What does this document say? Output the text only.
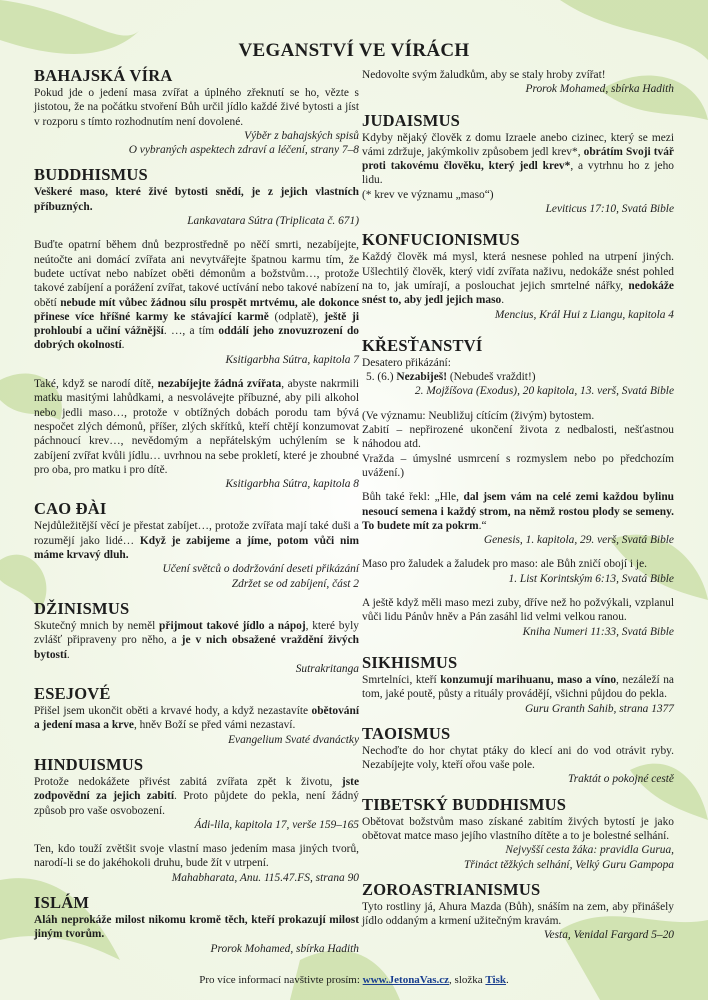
VEGANSTVÍ VE VÍRÁCH
BAHAJSKÁ VÍRA

Pokud jde o jedení masa zvířat a úplného zřeknutí se ho, vězte s jistotou, že na počátku stvoření Bůh určil jídlo každé živé bytosti a jíst v rozporu s tímto rozhodnutím není dovolené.

Výběr z bahajských spisů

O vybraných aspektech zdraví a léčení, strany 7–8

BUDDHISMUS

Veškeré maso, které živé bytosti snědí, je z jejich vlastních příbuzných.

Lankavatara Sútra (Triplicata č. 671)

Buďte opatrní během dnů bezprostředně po něčí smrti, nezabíjejte, neútočte ani domácí zvířata ani nevytvářejte špatnou karmu tím, že budete uctívat nebo nabízet oběti démonům a božstvům…, protože takové zabíjení a porážení zvířat, takové uctívání nebo takové nabízení obětí nebude mít vůbec žádnou sílu prospět mrtvému, ale dokonce přinese více hříšné karmy ke stávající karmě (odplatě), ještě ji prohloubí a učiní vážnější. …, a tím oddálí jeho znovuzrození do dobrých okolností.

Ksitigarbha Sútra, kapitola 7

Také, když se narodí dítě, nezabíjejte žádná zvířata, abyste nakrmili matku masitými lahůdkami, a nesvolávejte příbuzné, aby pili alkohol nebo jedli maso…, protože v obtížných dobách porodu tam bývá nespočet zlých démonů, příšer, zlých skřítků, kteří chtějí konzumovat páchnoucí krev…, nevědomým a nepřátelským uchýlením se k zabíjení zvířat kvůli jídlu… uvrhnou na sebe prokletí, které je zhoubné pro oba, pro matku i pro dítě.

Ksitigarbha Sútra, kapitola 8

CAO ĐÀI

Nejdůležitější věcí je přestat zabíjet…, protože zvířata mají také duši a rozumějí jako lidé… Když je zabijeme a jíme, potom vůči nim máme krvavý dluh.

Učení světců o dodržování deseti přikázání

Zdržet se od zabíjení, část 2

DŽINISMUS

Skutečný mnich by neměl přijmout takové jídlo a nápoj, které byly zvlášť připraveny pro něho, a je v nich obsažené vraždění živých bytostí.

Sutrakritanga

ESEJOVÉ

Přišel jsem ukončit oběti a krvavé hody, a když nezastavíte obětování a jedení masa a krve, hněv Boží se před vámi nezastaví.

Evangelium Svaté dvanáctky

HINDUISMUS

Protože nedokážete přivést zabitá zvířata zpět k životu, jste zodpovědní za jejich zabití. Proto půjdete do pekla, není žádný způsob pro vaše osvobození.

Ádi-lila, kapitola 17, verše 159–165

Ten, kdo touží zvětšit svoje vlastní maso jedením masa jiných tvorů, narodí-li se do jakéhokoli druhu, bude žít v utrpení.

Mahabharata, Anu. 115.47.FS, strana 90

ISLÁM

Aláh neprokáže milost nikomu kromě těch, kteří prokazují milost jiným tvorům.

Prorok Mohamed, sbírka Hadith

Nedovolte svým žaludkům, aby se staly hroby zvířat!

Prorok Mohamed, sbírka Hadith

JUDAISMUS

Kdyby nějaký člověk z domu Izraele anebo cizinec, který se mezi vámi zdržuje, jakýmkoliv způsobem jedl krev*, obrátím Svoji tvář proti takovému člověku, který jedl krev*, a vytrhnu ho z jeho lidu.

(* krev ve významu „maso“)

Leviticus 17:10, Svatá Bible

KONFUCIONISMUS

Každý člověk má mysl, která nesnese pohled na utrpení jiných. Ušlechtilý člověk, který vidí zvířata naživu, nedokáže snést pohled na to, jak umírají, a poslouchat jejich smrtelné nářky, nedokáže snést to, aby jedl jejich maso.

Mencius, Král Hui z Liangu, kapitola 4

KŘESŤANSTVÍ

Desatero přikázání:

5. (6.) Nezabiješ! (Nebudeš vraždit!)

2. Mojžíšova (Exodus), 20 kapitola, 13. verš, Svatá Bible

(Ve významu: Neubližuj cítícím (živým) bytostem.

Zabití – nepřirozené ukončení života z nedbalosti, nešťastnou náhodou atd.

Vražda – úmyslné usmrcení s rozmyslem nebo po předchozím uvážení.)

Bůh také řekl: „Hle, dal jsem vám na celé zemi každou bylinu nesoucí semena i každý strom, na němž rostou plody se semeny. To budete mít za pokrm.“

Genesis, 1. kapitola, 29. verš, Svatá Bible

Maso pro žaludek a žaludek pro maso: ale Bůh zničí obojí i je.

1. List Korintským 6:13, Svatá Bible

A ještě když měli maso mezi zuby, dříve než ho požvýkali, vzplanul vůči lidu Pánův hněv a Pán zasáhl lid velmi velkou ranou.

Kniha Numeri 11:33, Svatá Bible

SIKHISMUS

Smrtelníci, kteří konzumují marihuanu, maso a víno, nezáleží na tom, jaké poutě, půsty a rituály provádějí, všichni půjdou do pekla.

Guru Granth Sahib, strana 1377

TAOISMUS

Nechoďte do hor chytat ptáky do klecí ani do vod otrávit ryby. Nezabíjejte voly, kteří ořou vaše pole.

Traktát o pokojné cestě

TIBETSKÝ BUDDHISMUS

Obětovat božstvům maso získané zabitím živých bytostí je jako obětovat matce maso jejího vlastního dítěte a to je bolestné selhání.

Nejvyšší cesta žáka: pravidla Gurua,

Třináct těžkých selhání, Velký Guru Gampopa

ZOROASTRIANISMUS

Tyto rostliny já, Ahura Mazda (Bůh), snáším na zem, aby přinášely jídlo oddaným a krmení užitečným kravám.

Vesta, Venidal Fargard 5–20

Pro více informací navštivte prosím: www.JetonaVas.cz, složka Tisk.
